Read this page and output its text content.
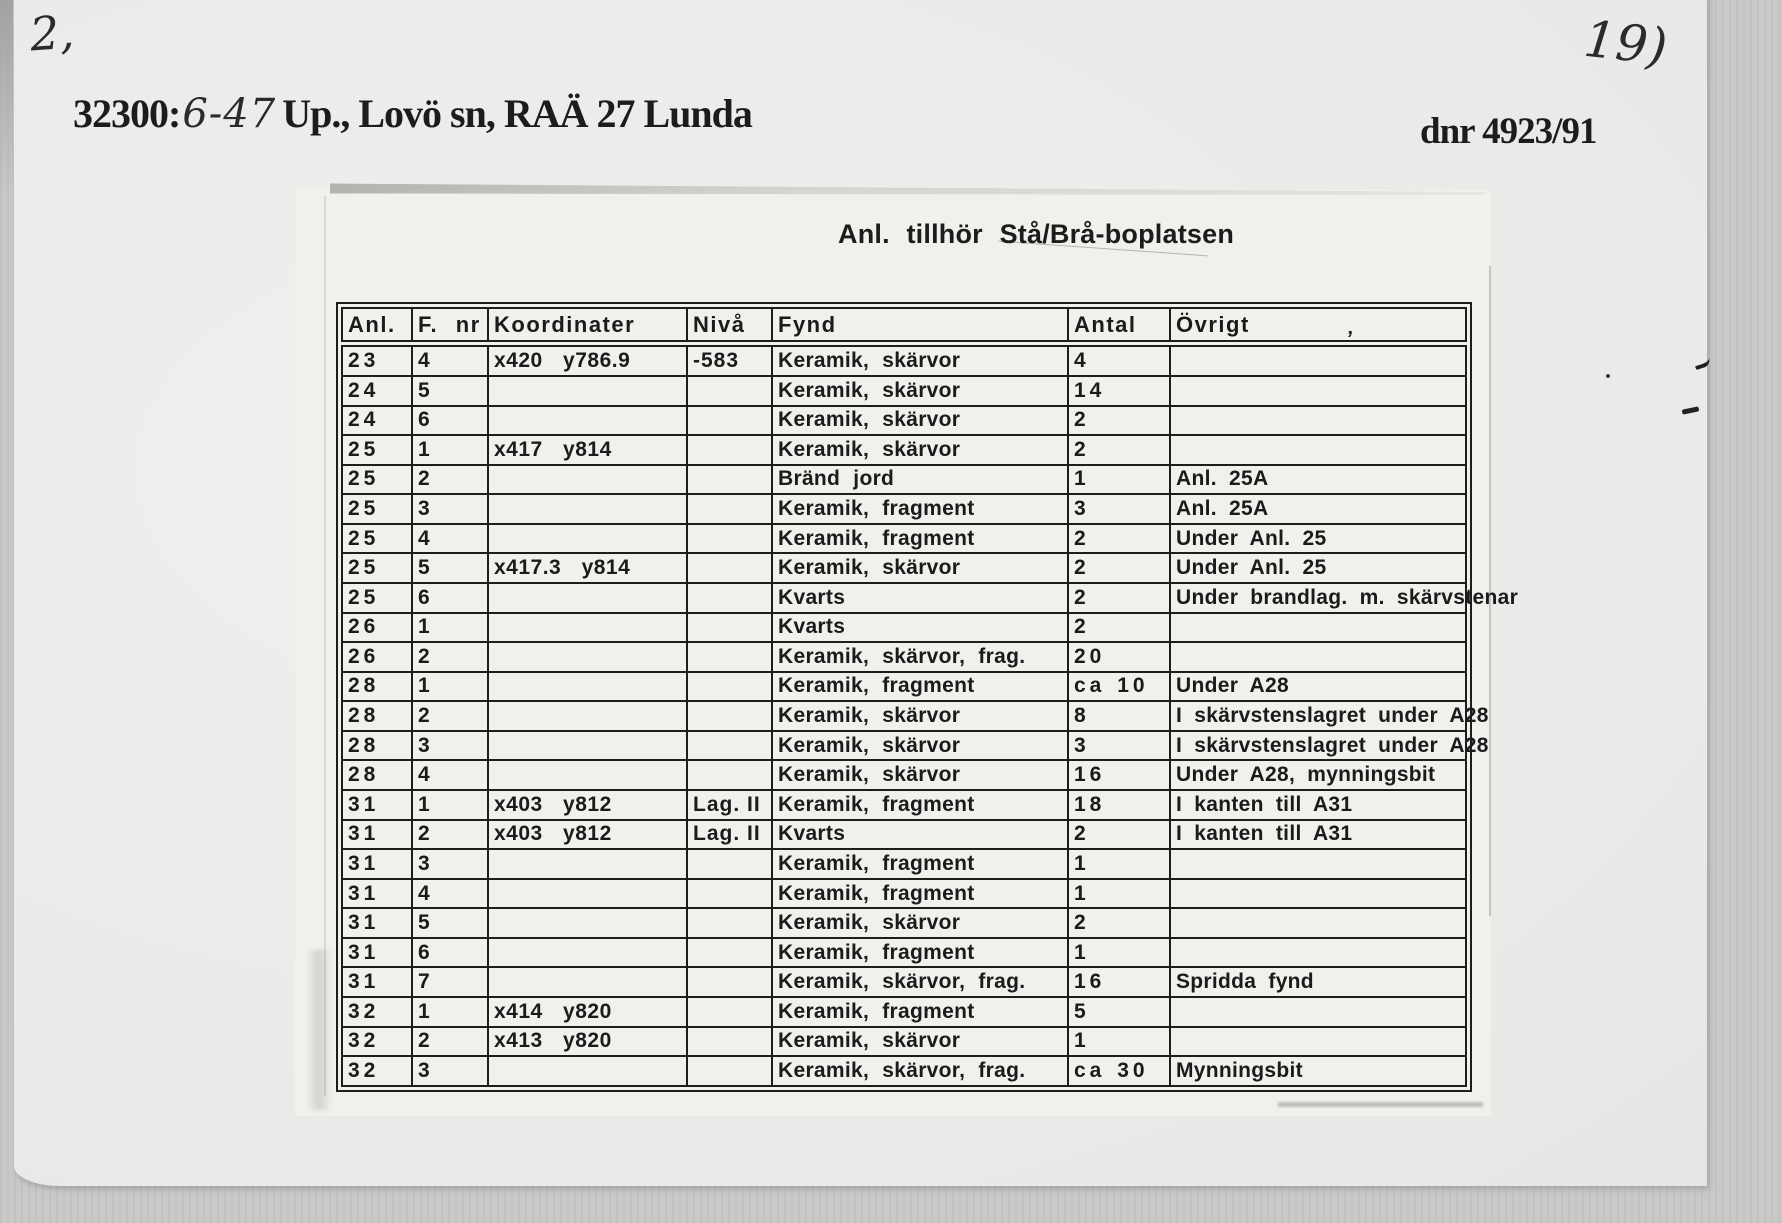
2,	19)
32300:6-47 Up., Lovö sn, RAÄ 27 Lunda	dnr 4923/91
Anl. tillhör Stå/Brå-boplatsen
Anl.	F. nr	Koordinater	Nivå	Fynd	Antal	Övrigt
23	4	x420 y786.9	-583	Keramik, skärvor	4	
24	5			Keramik, skärvor	14	
24	6			Keramik, skärvor	2	
25	1	x417 y814		Keramik, skärvor	2	
25	2			Bränd jord	1	Anl. 25A
25	3			Keramik, fragment	3	Anl. 25A
25	4			Keramik, fragment	2	Under Anl. 25
25	5	x417.3 y814		Keramik, skärvor	2	Under Anl. 25
25	6			Kvarts	2	Under brandlag. m. skärvstenar
26	1			Kvarts	2	
26	2			Keramik, skärvor, frag.	20	
28	1			Keramik, fragment	ca 10	Under A28
28	2			Keramik, skärvor	8	I skärvstenslagret under A28
28	3			Keramik, skärvor	3	I skärvstenslagret under A28
28	4			Keramik, skärvor	16	Under A28, mynningsbit
31	1	x403 y812	Lag. II	Keramik, fragment	18	I kanten till A31
31	2	x403 y812	Lag. II	Kvarts	2	I kanten till A31
31	3			Keramik, fragment	1	
31	4			Keramik, fragment	1	
31	5			Keramik, skärvor	2	
31	6			Keramik, fragment	1	
31	7			Keramik, skärvor, frag.	16	Spridda fynd
32	1	x414 y820		Keramik, fragment	5	
32	2	x413 y820		Keramik, skärvor	1	
32	3			Keramik, skärvor, frag.	ca 30	Mynningsbit
’
